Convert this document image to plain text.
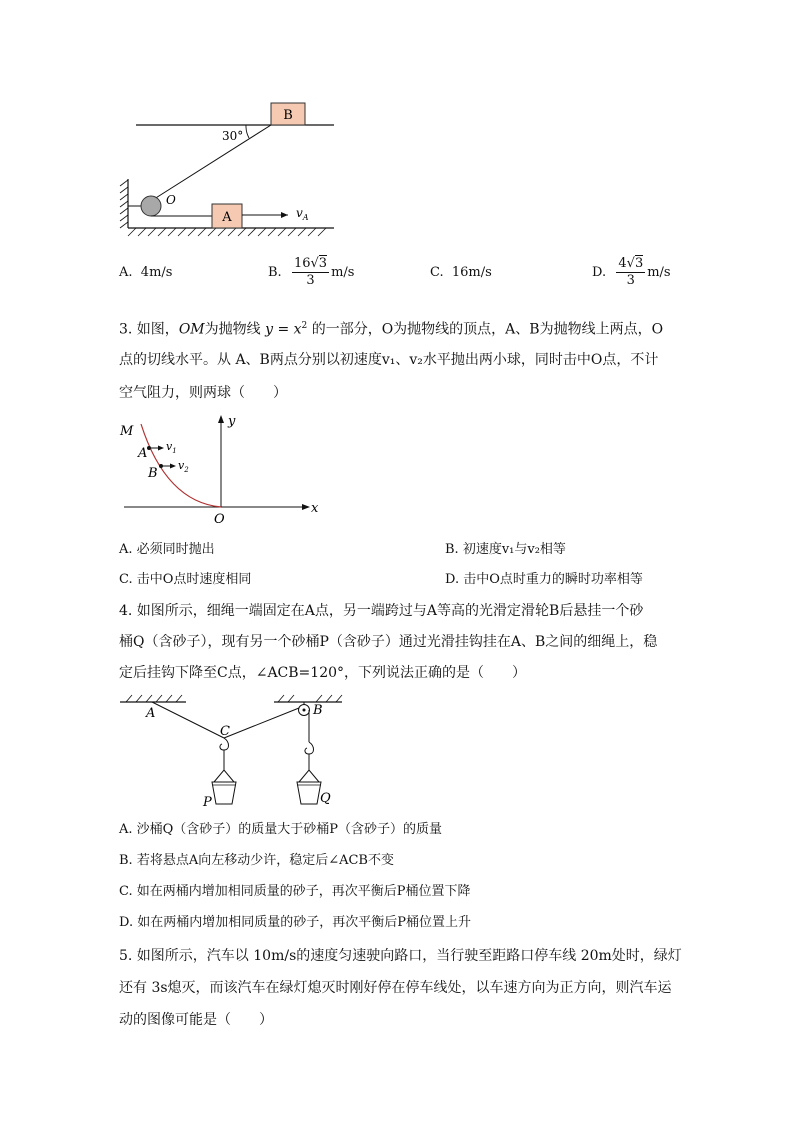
B
30°
O
A	$v_A$
A. 4m/s	B. $\frac{16√3}{3} m/s$	C. 16m/s	D. $\frac{4√3}{3} m/s$
3. 如图，OM为抛物线 $y = x^2$ 的一部分，O为抛物线的顶点，A、B为抛物线上两点，O
点的切线水平。从 A、B两点分别以初速度v₁、v₂水平抛出两小球，同时击中O点，不计
空气阻力，则两球（　　）
x
y
O
M
A $v_1$
B
$v_2$
A. 必须同时抛出	B. 初速度v₁与v₂相等
C. 击中O点时速度相同	D. 击中O点时重力的瞬时功率相等
4. 如图所示，细绳一端固定在A点，另一端跨过与A等高的光滑定滑轮B后悬挂一个砂
桶Q（含砂子），现有另一个砂桶P（含砂子）通过光滑挂钩挂在A、B之间的细绳上，稳
定后挂钩下降至C点，∠ACB=120°，下列说法正确的是（　　）
A	B
C
P	Q
A. 沙桶Q（含砂子）的质量大于砂桶P（含砂子）的质量
B. 若将悬点A向左移动少许，稳定后∠ACB不变
C. 如在两桶内增加相同质量的砂子，再次平衡后P桶位置下降
D. 如在两桶内增加相同质量的砂子，再次平衡后P桶位置上升
5. 如图所示，汽车以 10m/s的速度匀速驶向路口，当行驶至距路口停车线 20m处时，绿灯
还有 3s熄灭，而该汽车在绿灯熄灭时刚好停在停车线处，以车速方向为正方向，则汽车运
动的图像可能是（　　）
